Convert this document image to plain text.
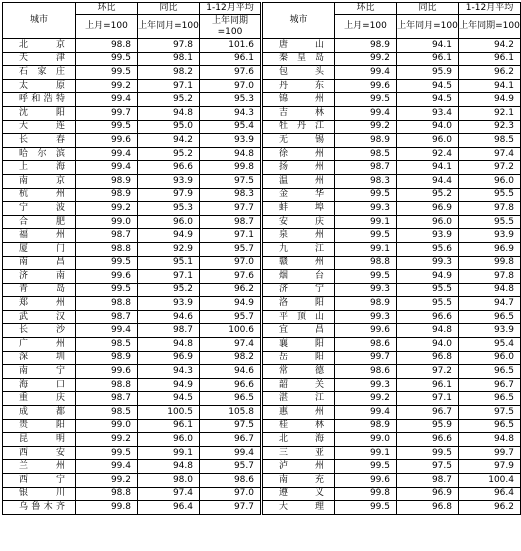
城市	环比	同比	1-12月平均	城市	环比	同比	1-12月平均
	上月=100	上年同月=100	上年同期=100		上月=100	上年同月=100	上年同期=100
北京	98.8	97.8	101.6	唐山	98.9	94.1	94.2
天津	99.5	98.1	96.1	秦皇岛	99.2	96.1	96.1
石家庄	99.5	98.2	97.6	包头	99.4	95.9	96.2
太原	99.2	97.1	97.0	丹东	99.6	94.5	94.1
呼和浩特	99.4	95.2	95.3	锦州	99.5	94.5	94.9
沈阳	99.7	94.8	94.3	吉林	99.4	93.4	92.1
大连	99.5	95.0	95.4	牡丹江	99.2	94.0	92.3
长春	99.6	94.2	93.9	无锡	98.9	96.0	98.5
哈尔滨	99.4	95.2	94.8	徐州	98.5	92.4	97.4
上海	99.4	96.6	99.8	扬州	98.7	94.1	97.2
南京	98.9	93.9	97.5	温州	98.3	94.4	96.0
杭州	98.9	97.9	98.3	金华	99.5	95.2	95.5
宁波	99.2	95.3	97.7	蚌埠	99.3	96.9	97.8
合肥	99.0	96.0	98.7	安庆	99.1	96.0	95.5
福州	98.7	94.9	97.1	泉州	99.5	93.9	93.9
厦门	98.8	92.9	95.7	九江	99.1	95.6	96.9
南昌	99.5	95.1	97.0	赣州	98.8	99.3	99.8
济南	99.6	97.1	97.6	烟台	99.5	94.9	97.8
青岛	99.5	95.2	96.2	济宁	99.3	95.5	94.8
郑州	98.8	93.9	94.9	洛阳	98.9	95.5	94.7
武汉	98.7	94.6	95.7	平顶山	99.3	96.6	96.5
长沙	99.4	98.7	100.6	宜昌	99.6	94.8	93.9
广州	98.5	94.8	97.4	襄阳	98.6	94.0	95.4
深圳	98.9	96.9	98.2	岳阳	99.7	96.8	96.0
南宁	99.6	94.3	94.6	常德	98.6	97.2	96.5
海口	98.8	94.9	96.6	韶关	99.3	96.1	96.7
重庆	98.7	94.5	96.5	湛江	99.2	97.1	96.5
成都	98.5	100.5	105.8	惠州	99.4	96.7	97.5
贵阳	99.0	96.1	97.5	桂林	98.9	95.9	96.5
昆明	99.2	96.0	96.7	北海	99.0	96.6	94.8
西安	99.5	99.1	99.4	三亚	99.1	99.5	99.7
兰州	99.4	94.8	95.7	泸州	99.5	97.5	97.9
西宁	99.2	98.0	98.6	南充	99.6	98.7	100.4
银川	98.8	97.4	97.0	遵义	99.8	96.9	96.4
乌鲁木齐	99.8	96.4	97.7	大理	99.5	96.8	96.2
